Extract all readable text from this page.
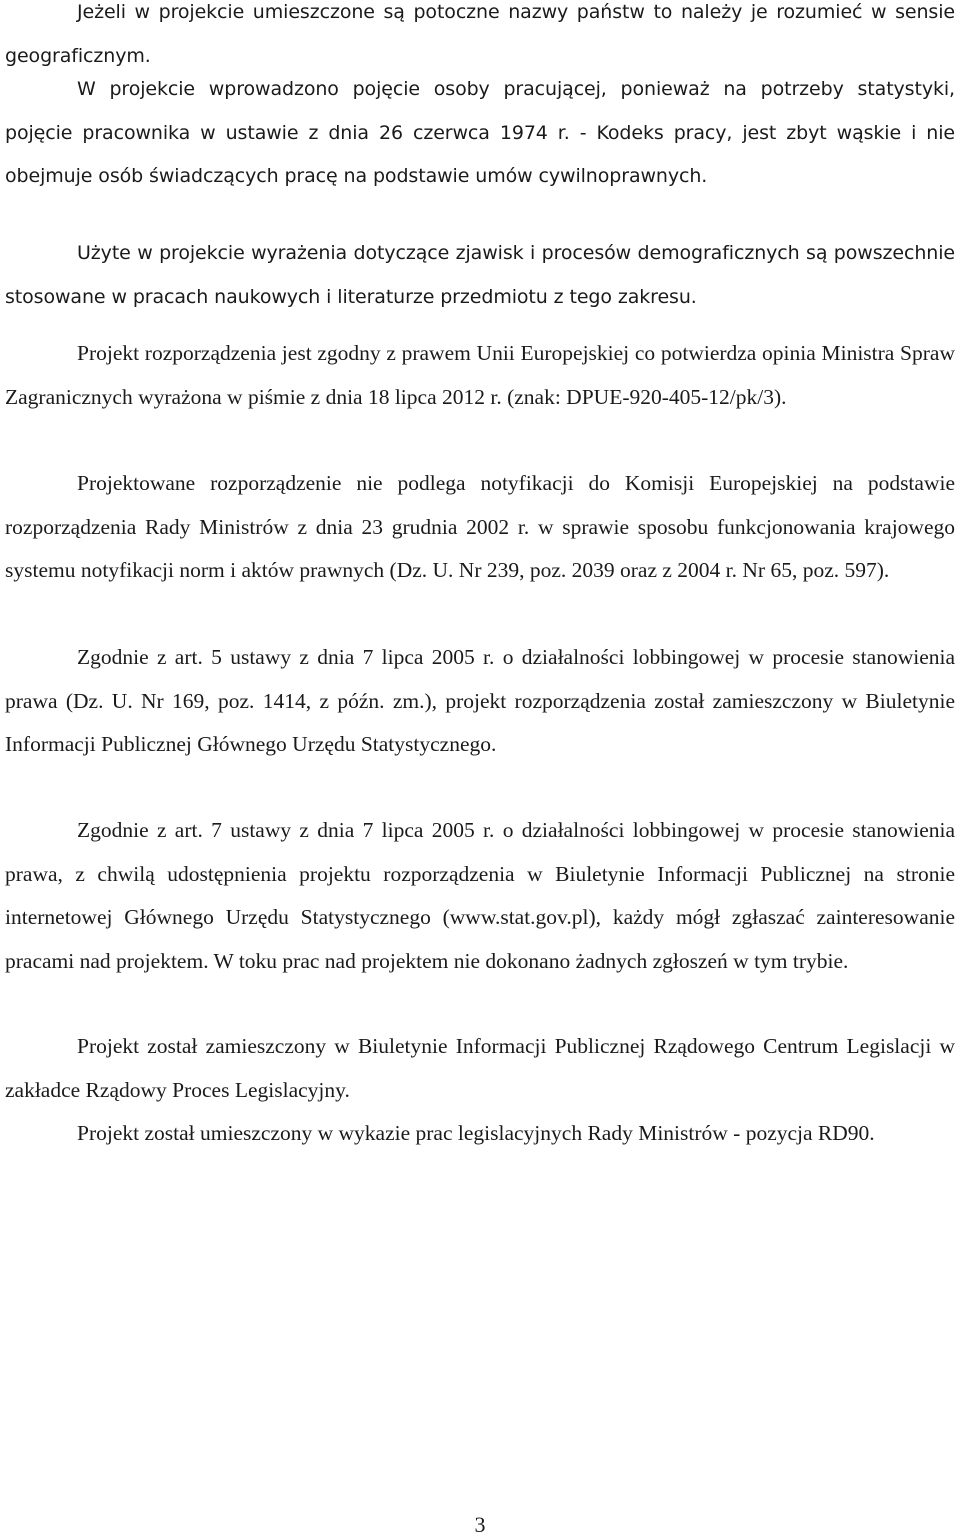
Jeżeli w projekcie umieszczone są potoczne nazwy państw to należy je rozumieć w sensie geograficznym.

W projekcie wprowadzono pojęcie osoby pracującej, ponieważ na potrzeby statystyki, pojęcie pracownika w ustawie z dnia 26 czerwca 1974 r. - Kodeks pracy, jest zbyt wąskie i nie obejmuje osób świadczących pracę na podstawie umów cywilnoprawnych.

Użyte w projekcie wyrażenia dotyczące zjawisk i procesów demograficznych są powszechnie stosowane w pracach naukowych i literaturze przedmiotu z tego zakresu.

Projekt rozporządzenia jest zgodny z prawem Unii Europejskiej co potwierdza opinia Ministra Spraw Zagranicznych wyrażona w piśmie z dnia 18 lipca 2012 r. (znak: DPUE-920-405-12/pk/3).

Projektowane rozporządzenie nie podlega notyfikacji do Komisji Europejskiej na podstawie rozporządzenia Rady Ministrów z dnia 23 grudnia 2002 r. w sprawie sposobu funkcjonowania krajowego systemu notyfikacji norm i aktów prawnych (Dz. U. Nr 239, poz. 2039 oraz z 2004 r. Nr 65, poz. 597).

Zgodnie z art. 5 ustawy z dnia 7 lipca 2005 r. o działalności lobbingowej w procesie stanowienia prawa (Dz. U. Nr 169, poz. 1414, z późn. zm.), projekt rozporządzenia został zamieszczony w Biuletynie Informacji Publicznej Głównego Urzędu Statystycznego.

Zgodnie z art. 7 ustawy z dnia 7 lipca 2005 r. o działalności lobbingowej w procesie stanowienia prawa, z chwilą udostępnienia projektu rozporządzenia w Biuletynie Informacji Publicznej na stronie internetowej Głównego Urzędu Statystycznego (www.stat.gov.pl), każdy mógł zgłaszać zainteresowanie pracami nad projektem. W toku prac nad projektem nie dokonano żadnych zgłoszeń w tym trybie.

Projekt został zamieszczony w Biuletynie Informacji Publicznej Rządowego Centrum Legislacji w zakładce Rządowy Proces Legislacyjny.

Projekt został umieszczony w wykazie prac legislacyjnych Rady Ministrów - pozycja RD90.

3
